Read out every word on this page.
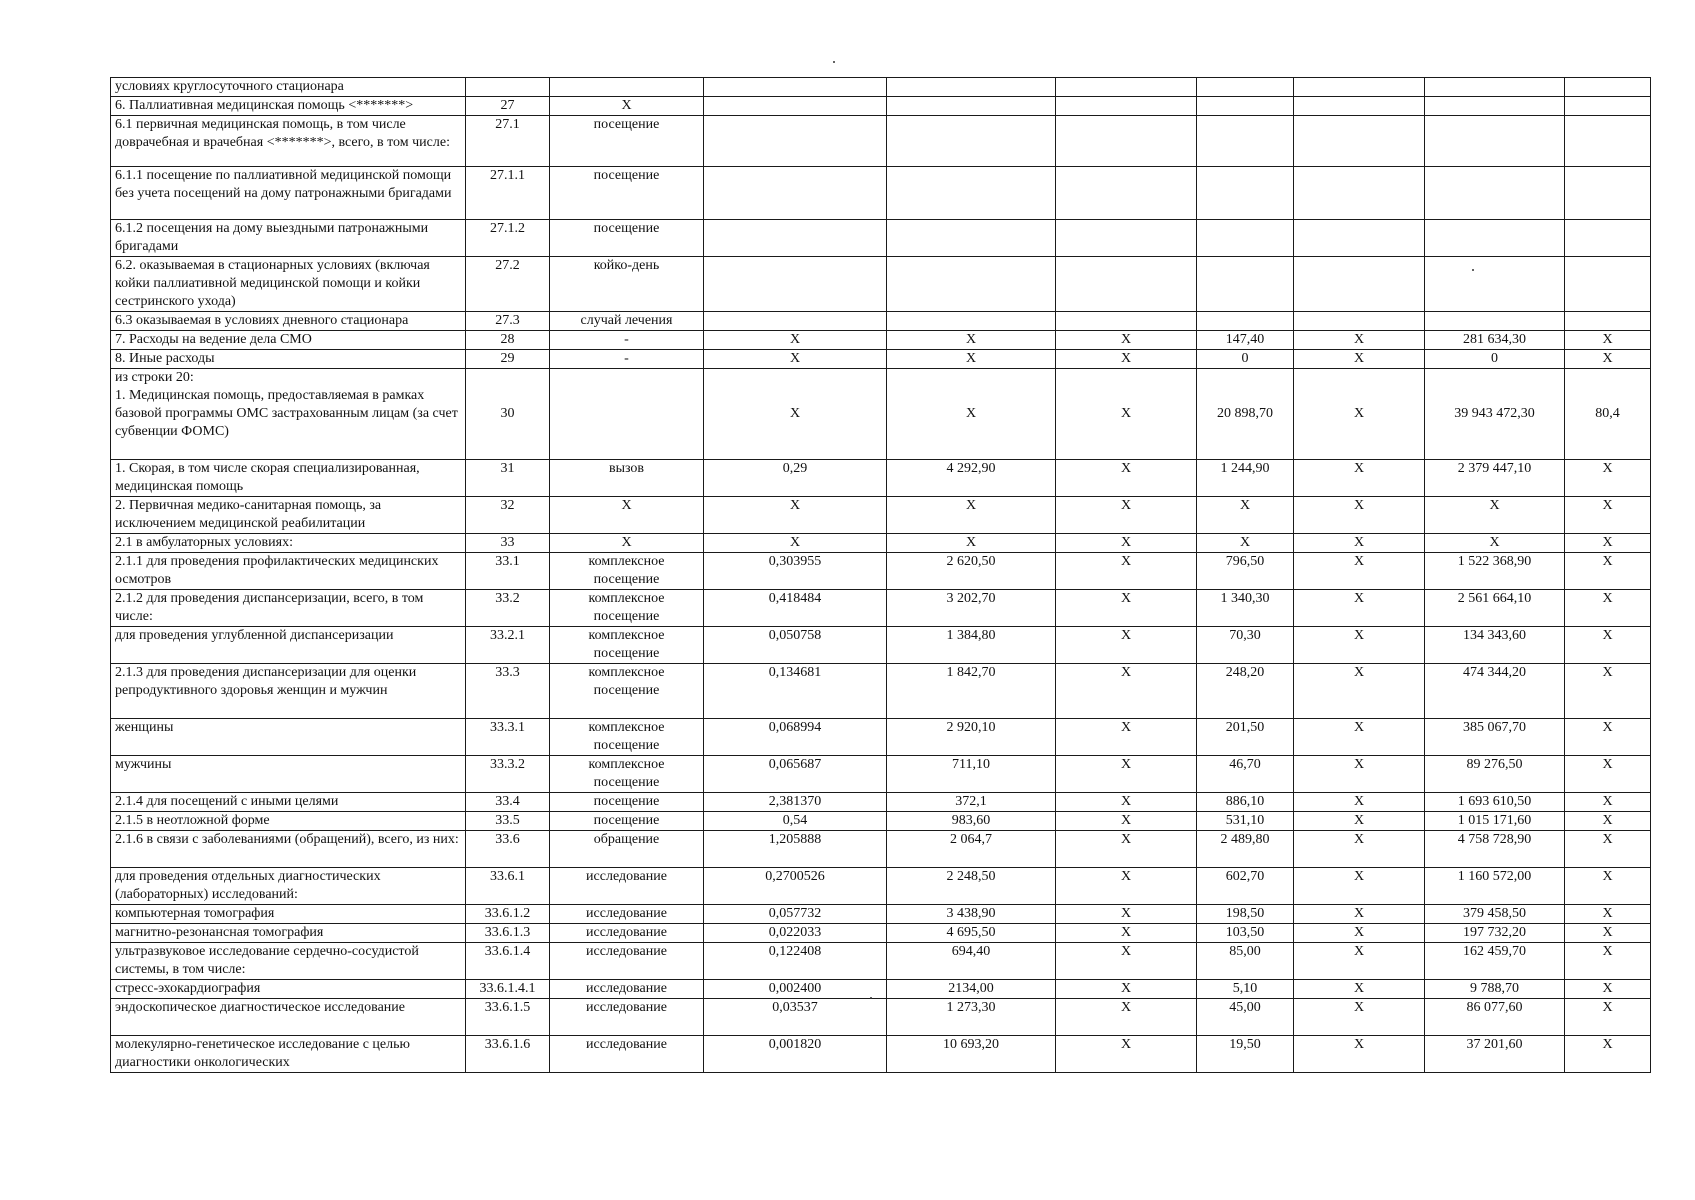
условиях круглосуточного стационара									
6. Паллиативная медицинская помощь <*******>	27	Х							
6.1 первичная медицинская помощь, в том числе доврачебная и врачебная <*******>, всего, в том числе:	27.1	посещение							
6.1.1 посещение по паллиативной медицинской помощи без учета посещений на дому патронажными бригадами	27.1.1	посещение							
6.1.2 посещения на дому выездными патронажными бригадами	27.1.2	посещение							
6.2. оказываемая в стационарных условиях (включая койки паллиативной медицинской помощи и койки сестринского ухода)	27.2	койко-день							
6.3 оказываемая в условиях дневного стационара	27.3	случай лечения							
7. Расходы на ведение дела СМО	28	-	Х	Х	Х	147,40	Х	281 634,30	Х
8. Иные расходы	29	-	Х	Х	Х	0	Х	0	Х
из строки 20:
1. Медицинская помощь, предоставляемая в рамках базовой программы ОМС застрахованным лицам (за счет субвенции ФОМС)	30		Х	Х	Х	20 898,70	Х	39 943 472,30	80,4
1. Скорая, в том числе скорая специализированная, медицинская помощь	31	вызов	0,29	4 292,90	Х	1 244,90	Х	2 379 447,10	Х
2. Первичная медико-санитарная помощь, за исключением медицинской реабилитации	32	Х	Х	Х	Х	Х	Х	Х	Х
2.1 в амбулаторных условиях:	33	Х	Х	Х	Х	Х	Х	Х	Х
2.1.1 для проведения профилактических медицинских осмотров	33.1	комплексное посещение	0,303955	2 620,50	Х	796,50	Х	1 522 368,90	Х
2.1.2 для проведения диспансеризации, всего, в том числе:	33.2	комплексное посещение	0,418484	3 202,70	Х	1 340,30	Х	2 561 664,10	Х
для проведения углубленной диспансеризации	33.2.1	комплексное посещение	0,050758	1 384,80	Х	70,30	Х	134 343,60	Х
2.1.3 для проведения диспансеризации для оценки репродуктивного здоровья женщин и мужчин	33.3	комплексное посещение	0,134681	1 842,70	Х	248,20	Х	474 344,20	Х
женщины	33.3.1	комплексное посещение	0,068994	2 920,10	Х	201,50	Х	385 067,70	Х
мужчины	33.3.2	комплексное посещение	0,065687	711,10	Х	46,70	Х	89 276,50	Х
2.1.4 для посещений с иными целями	33.4	посещение	2,381370	372,1	Х	886,10	Х	1 693 610,50	Х
2.1.5 в неотложной форме	33.5	посещение	0,54	983,60	Х	531,10	Х	1 015 171,60	Х
2.1.6 в связи с заболеваниями (обращений), всего, из них:	33.6	обращение	1,205888	2 064,7	Х	2 489,80	Х	4 758 728,90	Х
для проведения отдельных диагностических (лабораторных) исследований:	33.6.1	исследование	0,2700526	2 248,50	Х	602,70	Х	1 160 572,00	Х
компьютерная томография	33.6.1.2	исследование	0,057732	3 438,90	Х	198,50	Х	379 458,50	Х
магнитно-резонансная томография	33.6.1.3	исследование	0,022033	4 695,50	Х	103,50	Х	197 732,20	Х
ультразвуковое исследование сердечно-сосудистой системы, в том числе:	33.6.1.4	исследование	0,122408	694,40	Х	85,00	Х	162 459,70	Х
стресс-эхокардиография	33.6.1.4.1	исследование	0,002400	2134,00	Х	5,10	Х	9 788,70	Х
эндоскопическое диагностическое исследование	33.6.1.5	исследование	0,03537	1 273,30	Х	45,00	Х	86 077,60	Х
молекулярно-генетическое исследование с целью диагностики онкологических	33.6.1.6	исследование	0,001820	10 693,20	Х	19,50	Х	37 201,60	Х
